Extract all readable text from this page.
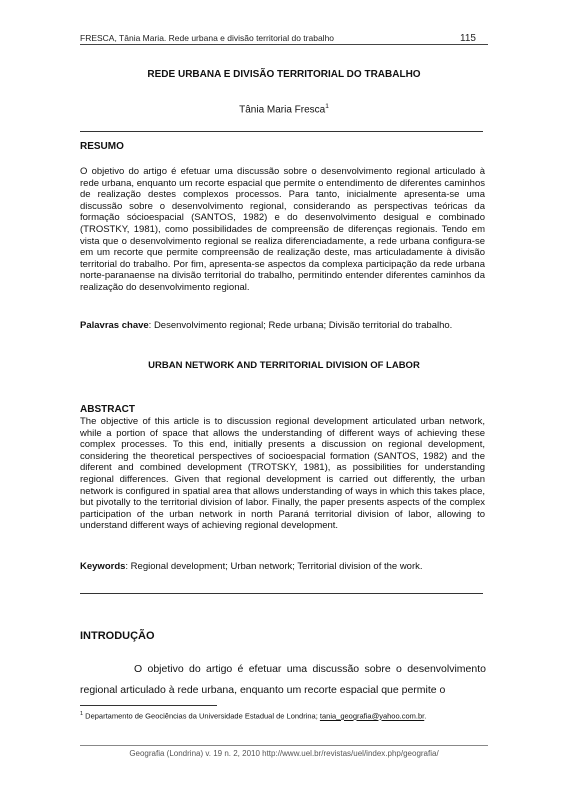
FRESCA, Tânia Maria. Rede urbana e divisão territorial do trabalho	115
REDE URBANA E DIVISÃO TERRITORIAL DO TRABALHO
Tânia Maria Fresca$^1$
RESUMO
O objetivo do artigo é efetuar uma discussão sobre o desenvolvimento regional articulado à rede urbana, enquanto um recorte espacial que permite o entendimento de diferentes caminhos de realização destes complexos processos. Para tanto, inicialmente apresenta-se uma discussão sobre o desenvolvimento regional, considerando as perspectivas teóricas da formação sócioespacial (SANTOS, 1982) e do desenvolvimento desigual e combinado (TROSTKY, 1981), como possibilidades de compreensão de diferenças regionais. Tendo em vista que o desenvolvimento regional se realiza diferenciadamente, a rede urbana configura-se em um recorte que permite compreensão de realização deste, mas articuladamente à divisão territorial do trabalho. Por fim, apresenta-se aspectos da complexa participação da rede urbana norte-paranaense na divisão territorial do trabalho, permitindo entender diferentes caminhos da realização do desenvolvimento regional.
Palavras chave: Desenvolvimento regional; Rede urbana; Divisão territorial do trabalho.
URBAN NETWORK AND TERRITORIAL DIVISION OF LABOR
ABSTRACT
The objective of this article is to discussion regional development articulated urban network, while a portion of space that allows the understanding of different ways of achieving these complex processes. To this end, initially presents a discussion on regional development, considering the theoretical perspectives of socioespacial formation (SANTOS, 1982) and the diferent and combined development (TROTSKY, 1981), as possibilities for understanding regional differences. Given that regional development is carried out differently, the urban network is configured in spatial area that allows understanding of ways in which this takes place, but pivotally to the territorial division of labor. Finally, the paper presents aspects of the complex participation of the urban network in north Paraná territorial division of labor, allowing to understand different ways of achieving regional development.
Keywords: Regional development; Urban network; Territorial division of the work.
INTRODUÇÃO
O objetivo do artigo é efetuar uma discussão sobre o desenvolvimento regional articulado à rede urbana, enquanto um recorte espacial que permite o
$^1$ Departamento de Geociências da Universidade Estadual de Londrina; tania_geografia@yahoo.com.br.
Geografia (Londrina) v. 19 n. 2, 2010 http://www.uel.br/revistas/uel/index.php/geografia/
